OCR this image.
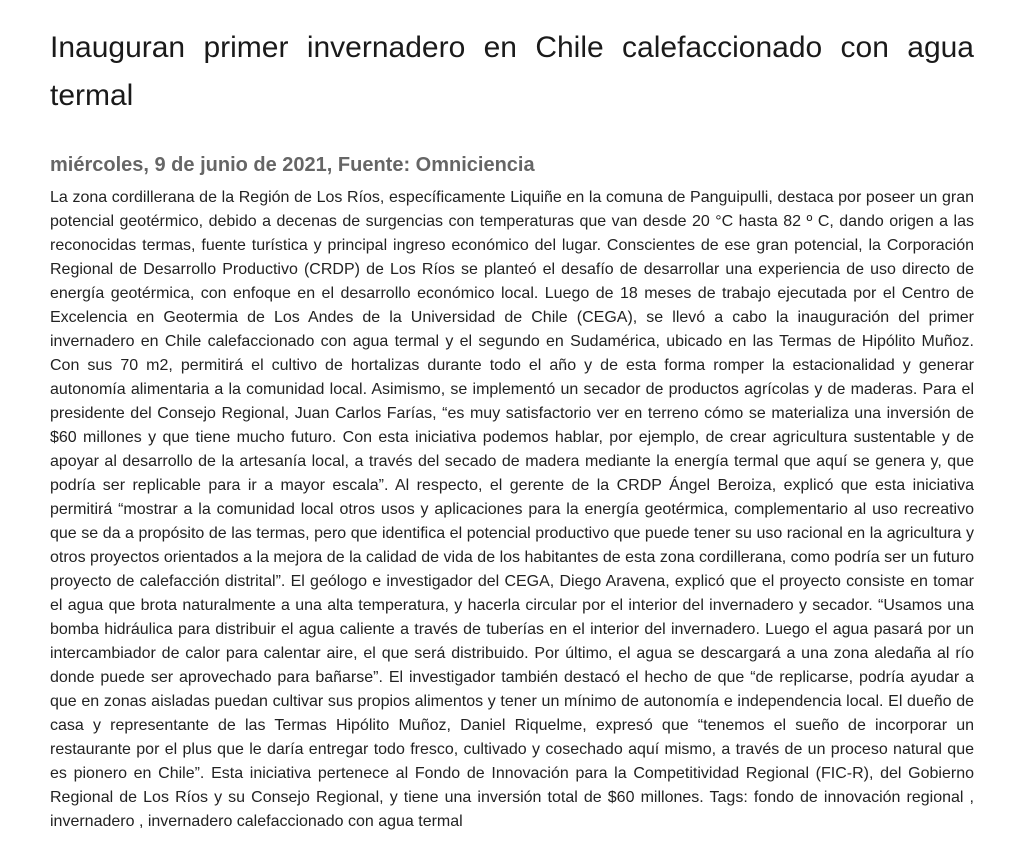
Inauguran primer invernadero en Chile calefaccionado con agua termal
miércoles, 9 de junio de 2021, Fuente: Omniciencia

La zona cordillerana de la Región de Los Ríos, específicamente Liquiñe en la comuna de Panguipulli, destaca por poseer un gran potencial geotérmico, debido a decenas de surgencias con temperaturas que van desde 20 °C hasta 82 º C, dando origen a las reconocidas termas, fuente turística y principal ingreso económico del lugar. Conscientes de ese gran potencial, la Corporación Regional de Desarrollo Productivo (CRDP) de Los Ríos se planteó el desafío de desarrollar una experiencia de uso directo de energía geotérmica, con enfoque en el desarrollo económico local. Luego de 18 meses de trabajo ejecutada por el Centro de Excelencia en Geotermia de Los Andes de la Universidad de Chile (CEGA), se llevó a cabo la inauguración del primer invernadero en Chile calefaccionado con agua termal y el segundo en Sudamérica, ubicado en las Termas de Hipólito Muñoz. Con sus 70 m2, permitirá el cultivo de hortalizas durante todo el año y de esta forma romper la estacionalidad y generar autonomía alimentaria a la comunidad local. Asimismo, se implementó un secador de productos agrícolas y de maderas. Para el presidente del Consejo Regional, Juan Carlos Farías, “es muy satisfactorio ver en terreno cómo se materializa una inversión de $60 millones y que tiene mucho futuro. Con esta iniciativa podemos hablar, por ejemplo, de crear agricultura sustentable y de apoyar al desarrollo de la artesanía local, a través del secado de madera mediante la energía termal que aquí se genera y, que podría ser replicable para ir a mayor escala”. Al respecto, el gerente de la CRDP Ángel Beroiza, explicó que esta iniciativa permitirá “mostrar a la comunidad local otros usos y aplicaciones para la energía geotérmica, complementario al uso recreativo que se da a propósito de las termas, pero que identifica el potencial productivo que puede tener su uso racional en la agricultura y otros proyectos orientados a la mejora de la calidad de vida de los habitantes de esta zona cordillerana, como podría ser un futuro proyecto de calefacción distrital”. El geólogo e investigador del CEGA, Diego Aravena, explicó que el proyecto consiste en tomar el agua que brota naturalmente a una alta temperatura, y hacerla circular por el interior del invernadero y secador. “Usamos una bomba hidráulica para distribuir el agua caliente a través de tuberías en el interior del invernadero. Luego el agua pasará por un intercambiador de calor para calentar aire, el que será distribuido. Por último, el agua se descargará a una zona aledaña al río donde puede ser aprovechado para bañarse”. El investigador también destacó el hecho de que “de replicarse, podría ayudar a que en zonas aisladas puedan cultivar sus propios alimentos y tener un mínimo de autonomía e independencia local. El dueño de casa y representante de las Termas Hipólito Muñoz, Daniel Riquelme, expresó que “tenemos el sueño de incorporar un restaurante por el plus que le daría entregar todo fresco, cultivado y cosechado aquí mismo, a través de un proceso natural que es pionero en Chile”. Esta iniciativa pertenece al Fondo de Innovación para la Competitividad Regional (FIC-R), del Gobierno Regional de Los Ríos y su Consejo Regional, y tiene una inversión total de $60 millones. Tags: fondo de innovación regional , invernadero , invernadero calefaccionado con agua termal
